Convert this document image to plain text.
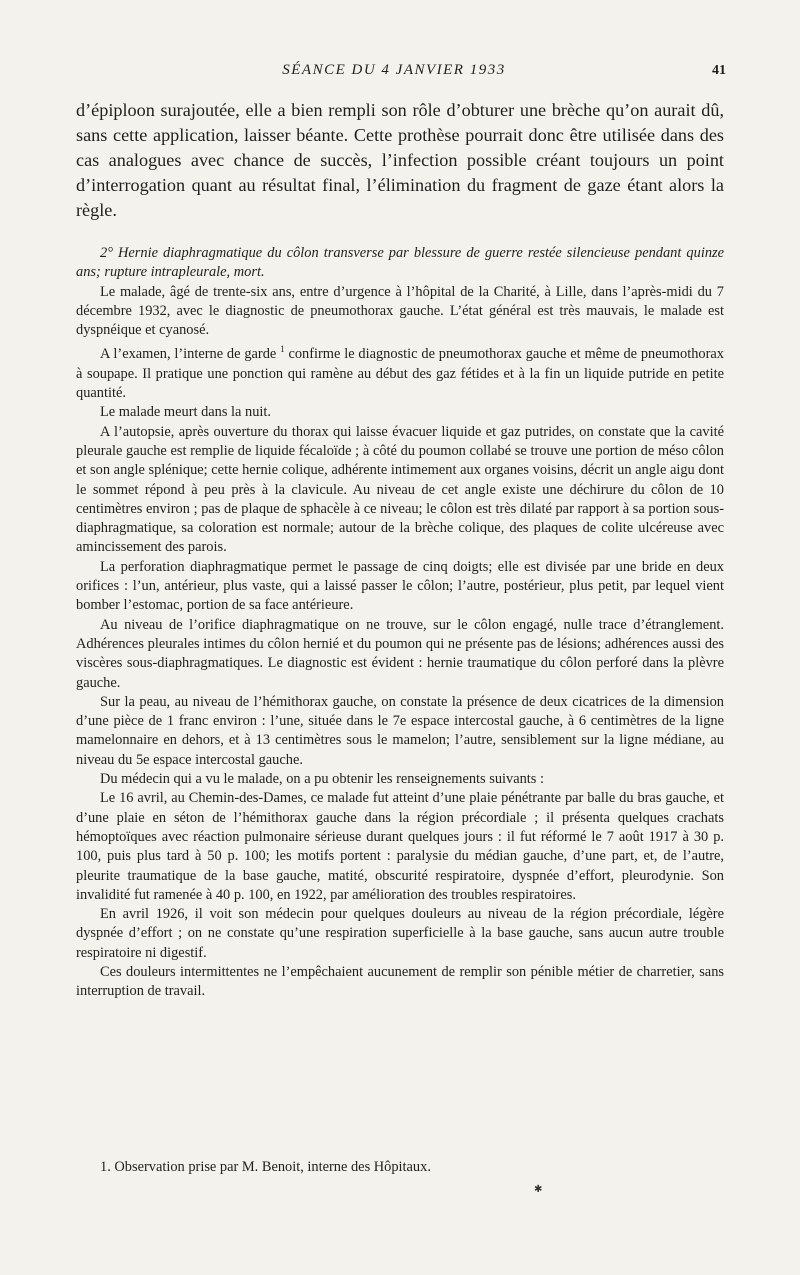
SÉANCE DU 4 JANVIER 1933	41

d’épiploon surajoutée, elle a bien rempli son rôle d’obturer une brèche qu’on aurait dû, sans cette application, laisser béante. Cette prothèse pourrait donc être utilisée dans des cas analogues avec chance de succès, l’infection possible créant toujours un point d’interrogation quant au résultat final, l’élimination du fragment de gaze étant alors la règle.

2° Hernie diaphragmatique du côlon transverse par blessure de guerre restée silencieuse pendant quinze ans; rupture intrapleurale, mort.

Le malade, âgé de trente-six ans, entre d’urgence à l’hôpital de la Charité, à Lille, dans l’après-midi du 7 décembre 1932, avec le diagnostic de pneumothorax gauche. L’état général est très mauvais, le malade est dyspnéique et cyanosé.

A l’examen, l’interne de garde $^1$ confirme le diagnostic de pneumothorax gauche et même de pneumothorax à soupape. Il pratique une ponction qui ramène au début des gaz fétides et à la fin un liquide putride en petite quantité.

Le malade meurt dans la nuit.

A l’autopsie, après ouverture du thorax qui laisse évacuer liquide et gaz putrides, on constate que la cavité pleurale gauche est remplie de liquide fécaloïde ; à côté du poumon collabé se trouve une portion de méso côlon et son angle splénique; cette hernie colique, adhérente intimement aux organes voisins, décrit un angle aigu dont le sommet répond à peu près à la clavicule. Au niveau de cet angle existe une déchirure du côlon de 10 centimètres environ ; pas de plaque de sphacèle à ce niveau; le côlon est très dilaté par rapport à sa portion sous-diaphragmatique, sa coloration est normale; autour de la brèche colique, des plaques de colite ulcéreuse avec amincissement des parois.

La perforation diaphragmatique permet le passage de cinq doigts; elle est divisée par une bride en deux orifices : l’un, antérieur, plus vaste, qui a laissé passer le côlon; l’autre, postérieur, plus petit, par lequel vient bomber l’estomac, portion de sa face antérieure.

Au niveau de l’orifice diaphragmatique on ne trouve, sur le côlon engagé, nulle trace d’étranglement. Adhérences pleurales intimes du côlon hernié et du poumon qui ne présente pas de lésions; adhérences aussi des viscères sous-diaphragmatiques. Le diagnostic est évident : hernie traumatique du côlon perforé dans la plèvre gauche.

Sur la peau, au niveau de l’hémithorax gauche, on constate la présence de deux cicatrices de la dimension d’une pièce de 1 franc environ : l’une, située dans le 7e espace intercostal gauche, à 6 centimètres de la ligne mamelonnaire en dehors, et à 13 centimètres sous le mamelon; l’autre, sensiblement sur la ligne médiane, au niveau du 5e espace intercostal gauche.

Du médecin qui a vu le malade, on a pu obtenir les renseignements suivants :

Le 16 avril, au Chemin-des-Dames, ce malade fut atteint d’une plaie pénétrante par balle du bras gauche, et d’une plaie en séton de l’hémithorax gauche dans la région précordiale ; il présenta quelques crachats hémoptoïques avec réaction pulmonaire sérieuse durant quelques jours : il fut réformé le 7 août 1917 à 30 p. 100, puis plus tard à 50 p. 100; les motifs portent : paralysie du médian gauche, d’une part, et, de l’autre, pleurite traumatique de la base gauche, matité, obscurité respiratoire, dyspnée d’effort, pleurodynie. Son invalidité fut ramenée à 40 p. 100, en 1922, par amélioration des troubles respiratoires.

En avril 1926, il voit son médecin pour quelques douleurs au niveau de la région précordiale, légère dyspnée d’effort ; on ne constate qu’une respiration superficielle à la base gauche, sans aucun autre trouble respiratoire ni digestif.

Ces douleurs intermittentes ne l’empêchaient aucunement de remplir son pénible métier de charretier, sans interruption de travail.

1. Observation prise par M. Benoit, interne des Hôpitaux.
✱
